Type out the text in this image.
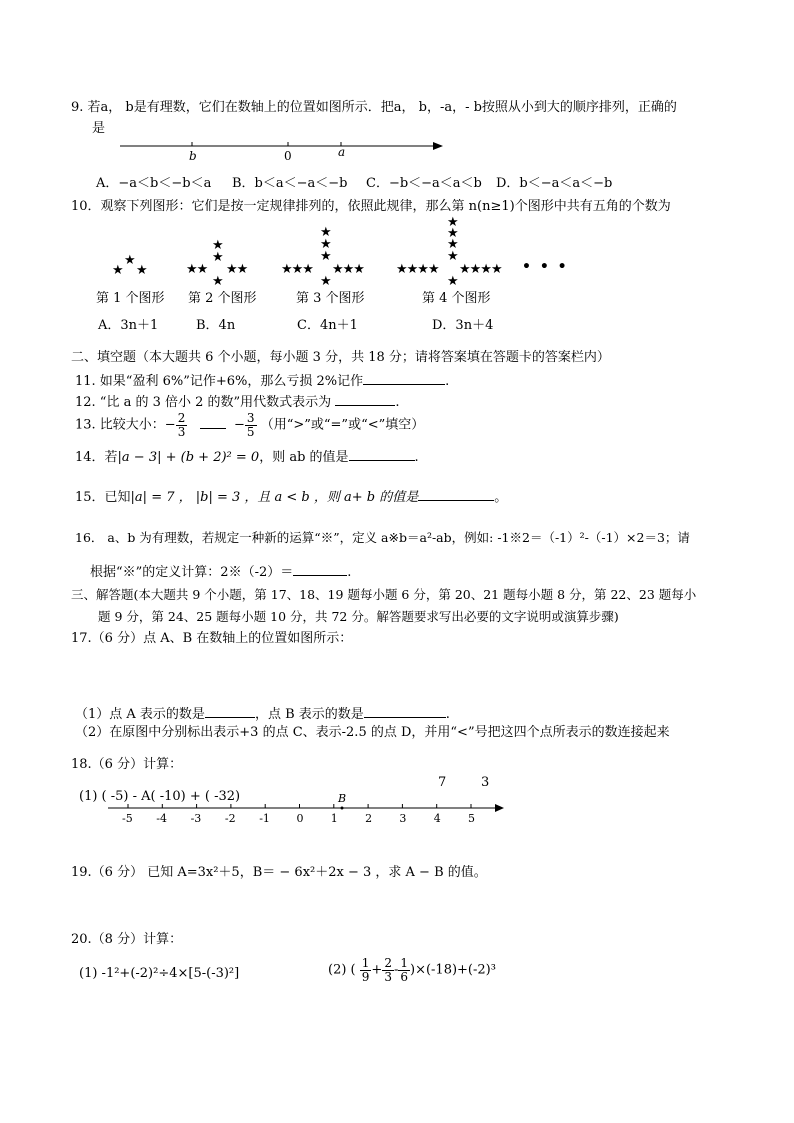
9. 若a， b是有理数，它们在数轴上的位置如图所示．把a， b，-a，- b按照从小到大的顺序排列，正确的
是
b	0	a
A．−a＜b＜−b＜a B．b＜a＜−a＜−b C．−b＜−a＜a＜b D．b＜−a＜a＜−b
10．观察下列图形：它们是按一定规律排列的，依照此规律，那么第 n(n≥1)个图形中共有五角的个数为
★
★
★
★
★
★★ ★★
★
★
★
★
★★★ ★★★
★
★
★
★
★
★★★★ ★★★★
★
• • •
第 1 个图形 第 2 个图形	第 3 个图形	第 4 个图形
A．3n＋1	B．4n	C．4n＋1	D．3n＋4
二、填空题（本大题共 6 个小题，每小题 3 分，共 18 分；请将答案填在答题卡的答案栏内）
11. 如果“盈利 6%”记作+6%，那么亏损 2%记作	.
12. “比 a 的 3 倍小 2 的数”用代数式表示为	.
13. 比较大小：− $\frac{2}{3}$	− $\frac{3}{5}$ （用“>”或“=”或“<”填空）
14．若|a − 3| + (b + 2)² = 0，则 ab 的值是	.
15．已知|a| = 7 ， |b| = 3 ，且 a < b ，则 a+ b 的值是	。
16． a、b 为有理数，若规定一种新的运算“※”，定义 a※b＝a²-ab，例如: -1※2＝（-1）²-（-1）×2＝3；请
根据“※”的定义计算：2※（-2）＝	.
三、解答题(本大题共 9 个小题，第 17、18、19 题每小题 6 分，第 20、21 题每小题 8 分，第 22、23 题每小
题 9 分，第 24、25 题每小题 10 分，共 72 分。解答题要求写出必要的文字说明或演算步骤)
17.（6 分）点 A、B 在数轴上的位置如图所示：
（1）点 A 表示的数是	，点 B 表示的数是	.
（2）在原图中分别标出表示+3 的点 C、表示-2.5 的点 D，并用“<”号把这四个点所表示的数连接起来
18.（6 分）计算：
7	3
(1) ( -5) - A( -10) + ( -32)
-5 -4 -3 -2 -1 0 1 2 3 4 5
B
19.（6 分） 已知 A=3x²＋5，B＝ − 6x²＋2x − 3 ，求 A − B 的值。
20.（8 分）计算：
(1) -1²+(-2)²÷4×[5-(-3)²]	(2) ( $\frac{1}{9} + \frac{2}{3} - \frac{1}{6} )\times(-18)+(-2)^3$
